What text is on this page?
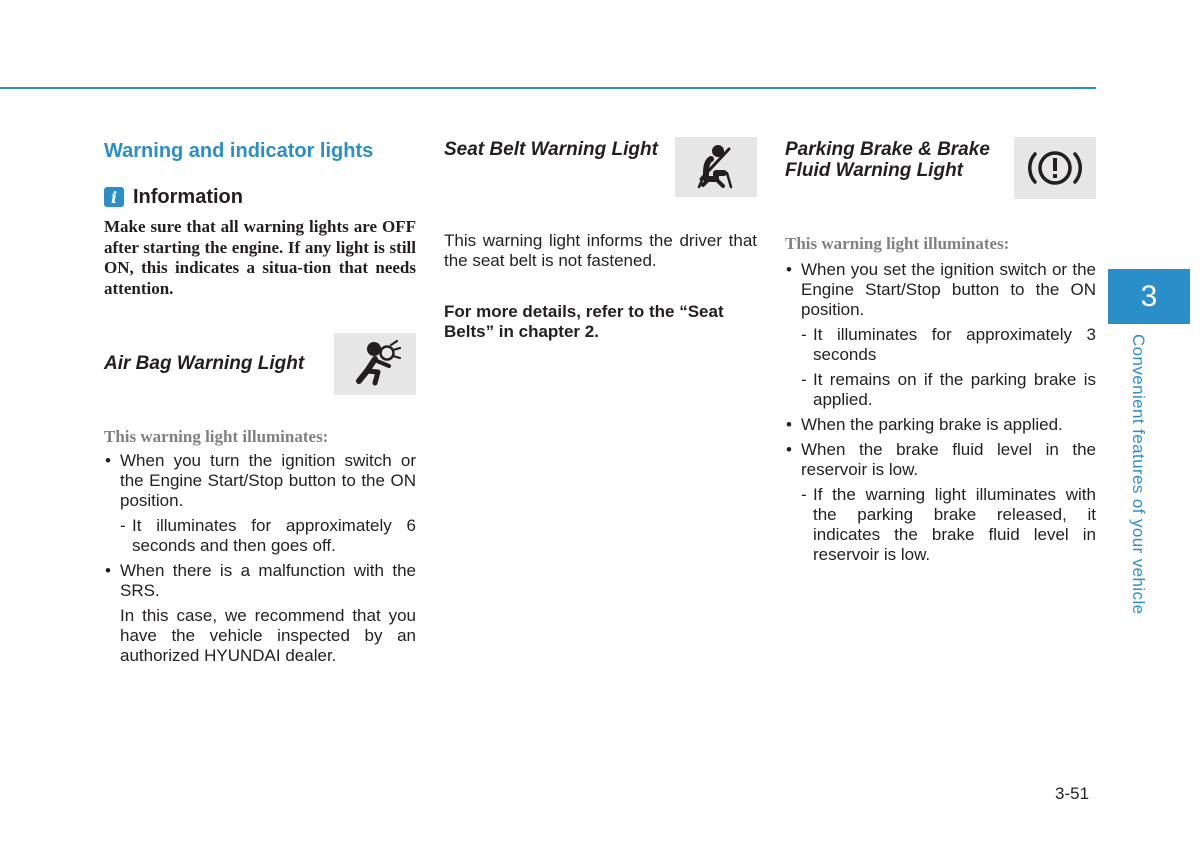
Warning and indicator lights
i Information
Make sure that all warning lights are OFF after starting the engine. If any light is still ON, this indicates a situa-tion that needs attention.
Air Bag Warning Light
This warning light illuminates:
• When you turn the ignition switch or the Engine Start/Stop button to the ON position.
- It illuminates for approximately 6 seconds and then goes off.
• When there is a malfunction with the SRS.
In this case, we recommend that you have the vehicle inspected by an authorized HYUNDAI dealer.
Seat Belt Warning Light
This warning light informs the driver that the seat belt is not fastened.
For more details, refer to the “Seat Belts” in chapter 2.
Parking Brake & Brake Fluid Warning Light
This warning light illuminates:
• When you set the ignition switch or the Engine Start/Stop button to the ON position.
- It illuminates for approximately 3 seconds
- It remains on if the parking brake is applied.
• When the parking brake is applied.
• When the brake fluid level in the reservoir is low.
- If the warning light illuminates with the parking brake released, it indicates the brake fluid level in reservoir is low.
3
Convenient features of your vehicle
3-51
